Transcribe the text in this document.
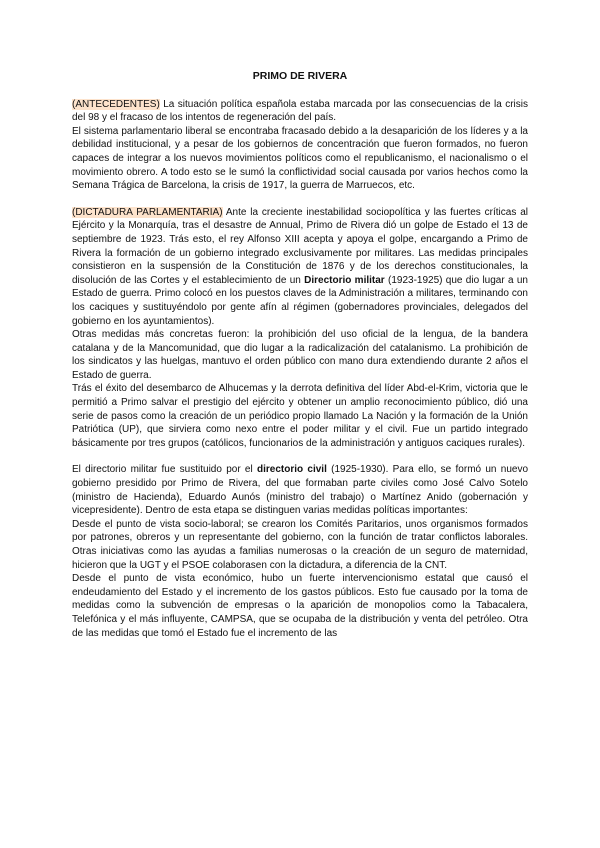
PRIMO DE RIVERA

(ANTECEDENTES) La situación política española estaba marcada por las consecuencias de la crisis del 98 y el fracaso de los intentos de regeneración del país.

El sistema parlamentario liberal se encontraba fracasado debido a la desaparición de los líderes y a la debilidad institucional, y a pesar de los gobiernos de concentración que fueron formados, no fueron capaces de integrar a los nuevos movimientos políticos como el republicanismo, el nacionalismo o el movimiento obrero. A todo esto se le sumó la conflictividad social causada por varios hechos como la Semana Trágica de Barcelona, la crisis de 1917, la guerra de Marruecos, etc.

(DICTADURA PARLAMENTARIA) Ante la creciente inestabilidad sociopolítica y las fuertes críticas al Ejército y la Monarquía, tras el desastre de Annual, Primo de Rivera dió un golpe de Estado el 13 de septiembre de 1923. Trás esto, el rey Alfonso XIII acepta y apoya el golpe, encargando a Primo de Rivera la formación de un gobierno integrado exclusivamente por militares. Las medidas principales consistieron en la suspensión de la Constitución de 1876 y de los derechos constitucionales, la disolución de las Cortes y el establecimiento de un Directorio militar (1923-1925) que dio lugar a un Estado de guerra. Primo colocó en los puestos claves de la Administración a militares, terminando con los caciques y sustituyéndolo por gente afín al régimen (gobernadores provinciales, delegados del gobierno en los ayuntamientos).

Otras medidas más concretas fueron: la prohibición del uso oficial de la lengua, de la bandera catalana y de la Mancomunidad, que dio lugar a la radicalización del catalanismo. La prohibición de los sindicatos y las huelgas, mantuvo el orden público con mano dura extendiendo durante 2 años el Estado de guerra.

Trás el éxito del desembarco de Alhucemas y la derrota definitiva del líder Abd-el-Krim, victoria que le permitió a Primo salvar el prestigio del ejército y obtener un amplio reconocimiento público, dió una serie de pasos como la creación de un periódico propio llamado La Nación y la formación de la Unión Patriótica (UP), que sirviera como nexo entre el poder militar y el civil. Fue un partido integrado básicamente por tres grupos (católicos, funcionarios de la administración y antiguos caciques rurales).

El directorio militar fue sustituido por el directorio civil (1925-1930). Para ello, se formó un nuevo gobierno presidido por Primo de Rivera, del que formaban parte civiles como José Calvo Sotelo (ministro de Hacienda), Eduardo Aunós (ministro del trabajo) o Martínez Anido (gobernación y vicepresidente). Dentro de esta etapa se distinguen varias medidas políticas importantes:

Desde el punto de vista socio-laboral; se crearon los Comités Paritarios, unos organismos formados por patrones, obreros y un representante del gobierno, con la función de tratar conflictos laborales. Otras iniciativas como las ayudas a familias numerosas o la creación de un seguro de maternidad, hicieron que la UGT y el PSOE colaborasen con la dictadura, a diferencia de la CNT.

Desde el punto de vista económico, hubo un fuerte intervencionismo estatal que causó el endeudamiento del Estado y el incremento de los gastos públicos. Esto fue causado por la toma de medidas como la subvención de empresas o la aparición de monopolios como la Tabacalera, Telefónica y el más influyente, CAMPSA, que se ocupaba de la distribución y venta del petróleo. Otra de las medidas que tomó el Estado fue el incremento de las
